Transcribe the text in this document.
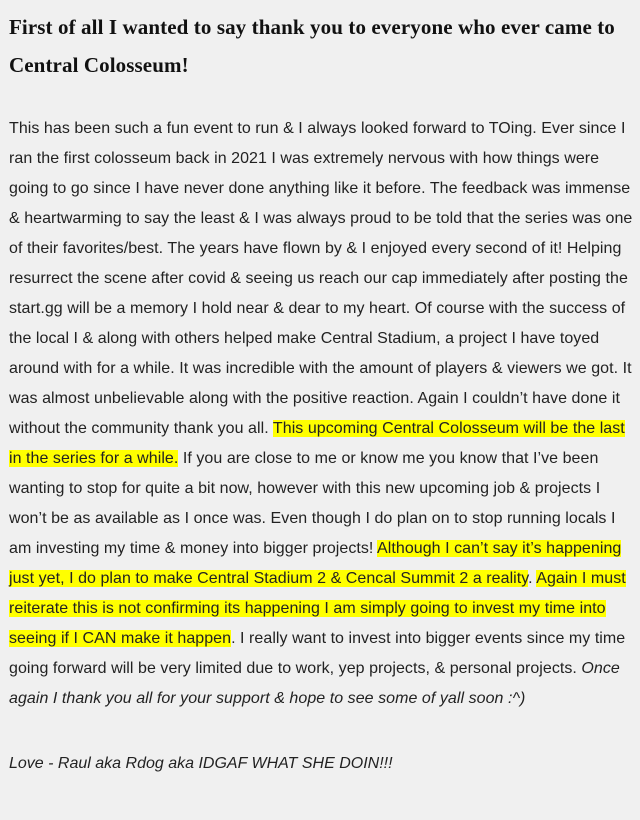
First of all I wanted to say thank you to everyone who ever came to Central Colosseum!

This has been such a fun event to run & I always looked forward to TOing. Ever since I ran the first colosseum back in 2021 I was extremely nervous with how things were going to go since I have never done anything like it before. The feedback was immense & heartwarming to say the least & I was always proud to be told that the series was one of their favorites/best. The years have flown by & I enjoyed every second of it! Helping resurrect the scene after covid & seeing us reach our cap immediately after posting the start.gg will be a memory I hold near & dear to my heart. Of course with the success of the local I & along with others helped make Central Stadium, a project I have toyed around with for a while. It was incredible with the amount of players & viewers we got. It was almost unbelievable along with the positive reaction. Again I couldn’t have done it without the community thank you all. This upcoming Central Colosseum will be the last in the series for a while. If you are close to me or know me you know that I’ve been wanting to stop for quite a bit now, however with this new upcoming job & projects I won’t be as available as I once was. Even though I do plan on to stop running locals I am investing my time & money into bigger projects! Although I can’t say it’s happening just yet, I do plan to make Central Stadium 2 & Cencal Summit 2 a reality. Again I must reiterate this is not confirming its happening I am simply going to invest my time into seeing if I CAN make it happen. I really want to invest into bigger events since my time going forward will be very limited due to work, yep projects, & personal projects. Once again I thank you all for your support & hope to see some of yall soon :^)

Love - Raul aka Rdog aka IDGAF WHAT SHE DOIN!!!
